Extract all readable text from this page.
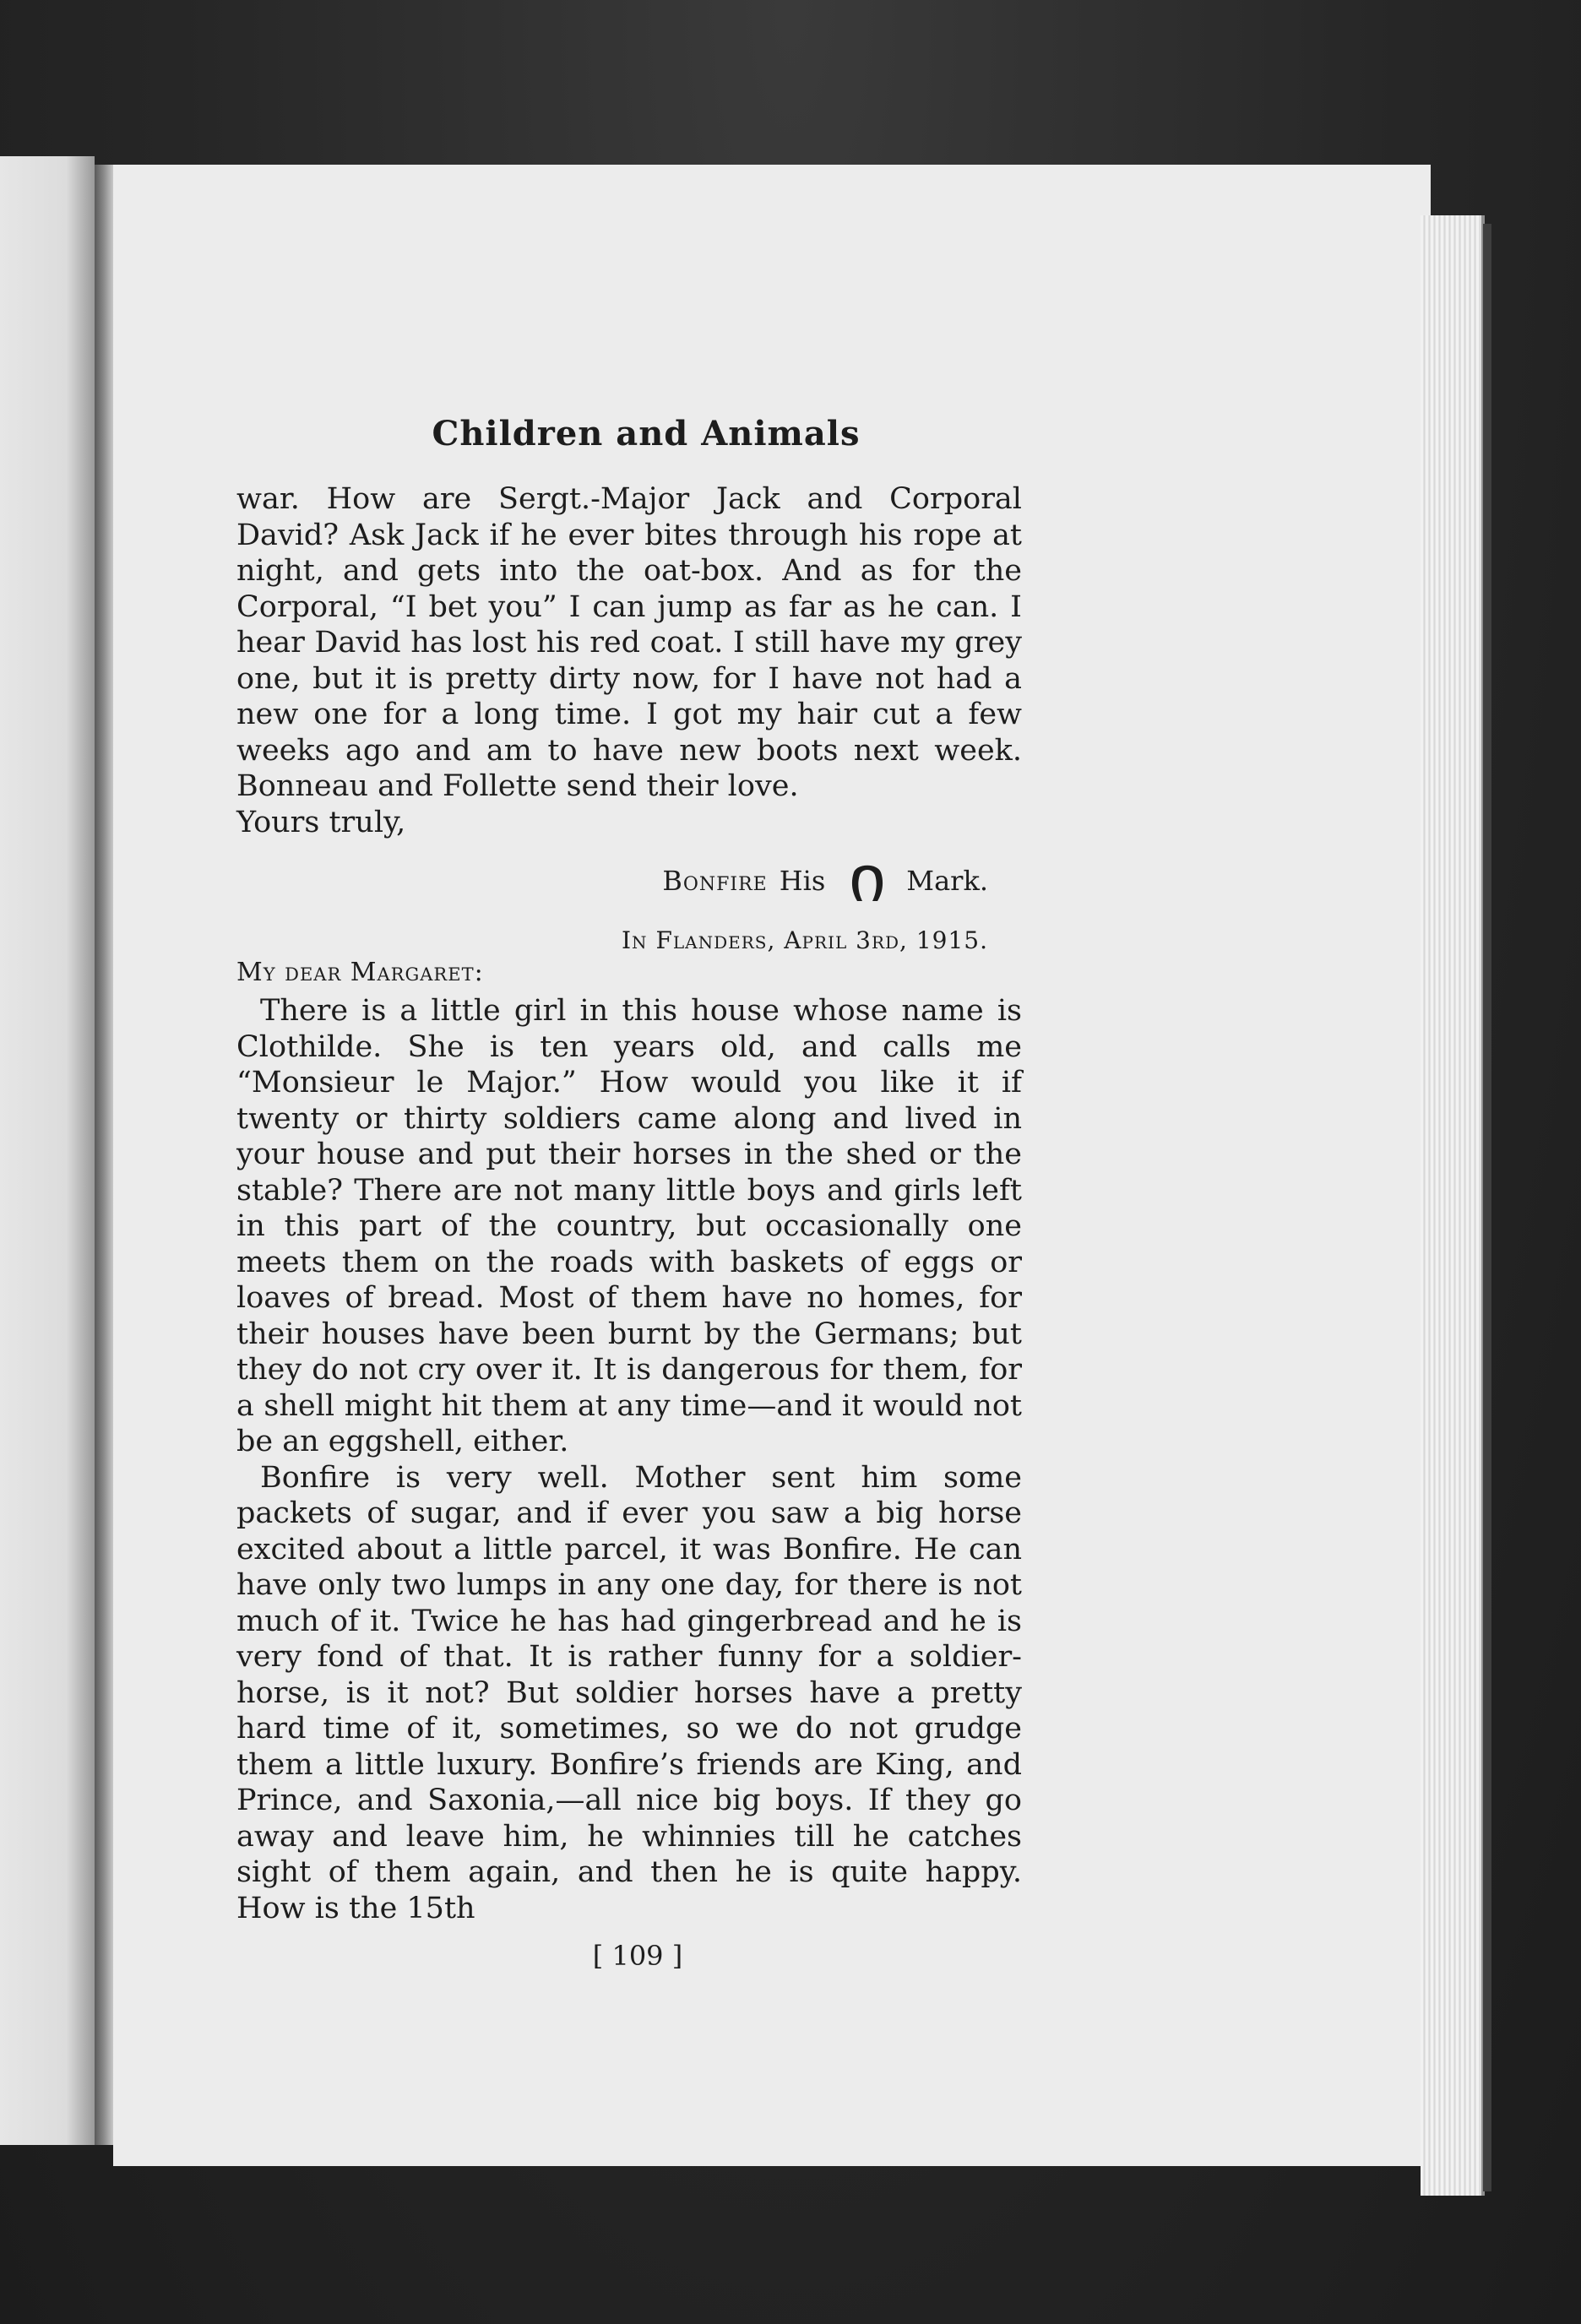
Children and Animals

war. How are Sergt.-Major Jack and Corporal David? Ask Jack if he ever bites through his rope at night, and gets into the oat-box. And as for the Corporal, “I bet you” I can jump as far as he can. I hear David has lost his red coat. I still have my grey one, but it is pretty dirty now, for I have not had a new one for a long time. I got my hair cut a few weeks ago and am to have new boots next week. Bonneau and Follette send their love.

Yours truly,

Bonfire His	Mark.
In Flanders, April 3rd, 1915.
My dear Margaret:

There is a little girl in this house whose name is Clothilde. She is ten years old, and calls me “Monsieur le Major.” How would you like it if twenty or thirty soldiers came along and lived in your house and put their horses in the shed or the stable? There are not many little boys and girls left in this part of the country, but occasionally one meets them on the roads with baskets of eggs or loaves of bread. Most of them have no homes, for their houses have been burnt by the Germans; but they do not cry over it. It is dangerous for them, for a shell might hit them at any time—and it would not be an eggshell, either.

Bonfire is very well. Mother sent him some packets of sugar, and if ever you saw a big horse excited about a little parcel, it was Bonfire. He can have only two lumps in any one day, for there is not much of it. Twice he has had gingerbread and he is very fond of that. It is rather funny for a soldier-horse, is it not? But soldier horses have a pretty hard time of it, sometimes, so we do not grudge them a little luxury. Bonfire’s friends are King, and Prince, and Saxonia,—all nice big boys. If they go away and leave him, he whinnies till he catches sight of them again, and then he is quite happy. How is the 15th

[ 109 ]
